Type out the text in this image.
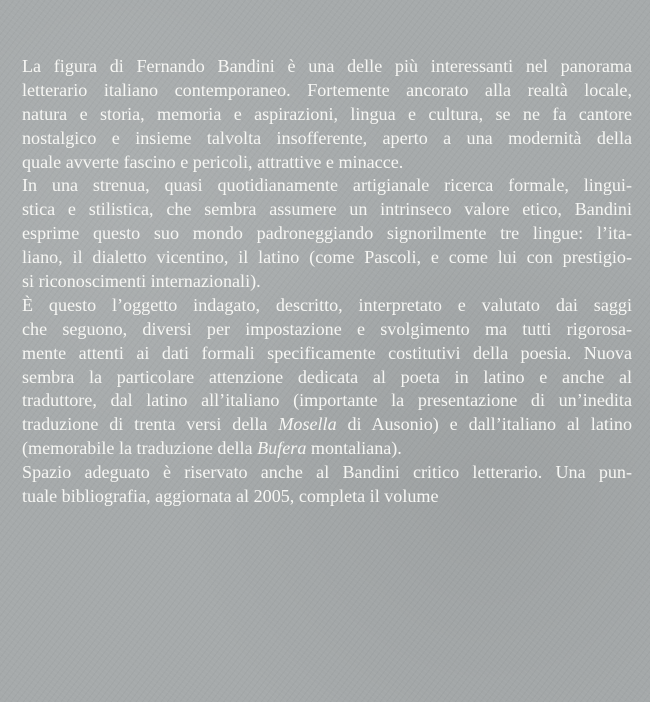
La figura di Fernando Bandini è una delle più interessanti nel panorama
letterario italiano contemporaneo. Fortemente ancorato alla realtà locale,
natura e storia, memoria e aspirazioni, lingua e cultura, se ne fa cantore
nostalgico e insieme talvolta insofferente, aperto a una modernità della
quale avverte fascino e pericoli, attrattive e minacce.
In una strenua, quasi quotidianamente artigianale ricerca formale, lingui-
stica e stilistica, che sembra assumere un intrinseco valore etico, Bandini
esprime questo suo mondo padroneggiando signorilmente tre lingue: l’ita-
liano, il dialetto vicentino, il latino (come Pascoli, e come lui con prestigio-
si riconoscimenti internazionali).
È questo l’oggetto indagato, descritto, interpretato e valutato dai saggi
che seguono, diversi per impostazione e svolgimento ma tutti rigorosa-
mente attenti ai dati formali specificamente costitutivi della poesia. Nuova
sembra la particolare attenzione dedicata al poeta in latino e anche al
traduttore, dal latino all’italiano (importante la presentazione di un’inedita
traduzione di trenta versi della Mosella di Ausonio) e dall’italiano al latino
(memorabile la traduzione della Bufera montaliana).
Spazio adeguato è riservato anche al Bandini critico letterario. Una pun-
tuale bibliografia, aggiornata al 2005, completa il volume
